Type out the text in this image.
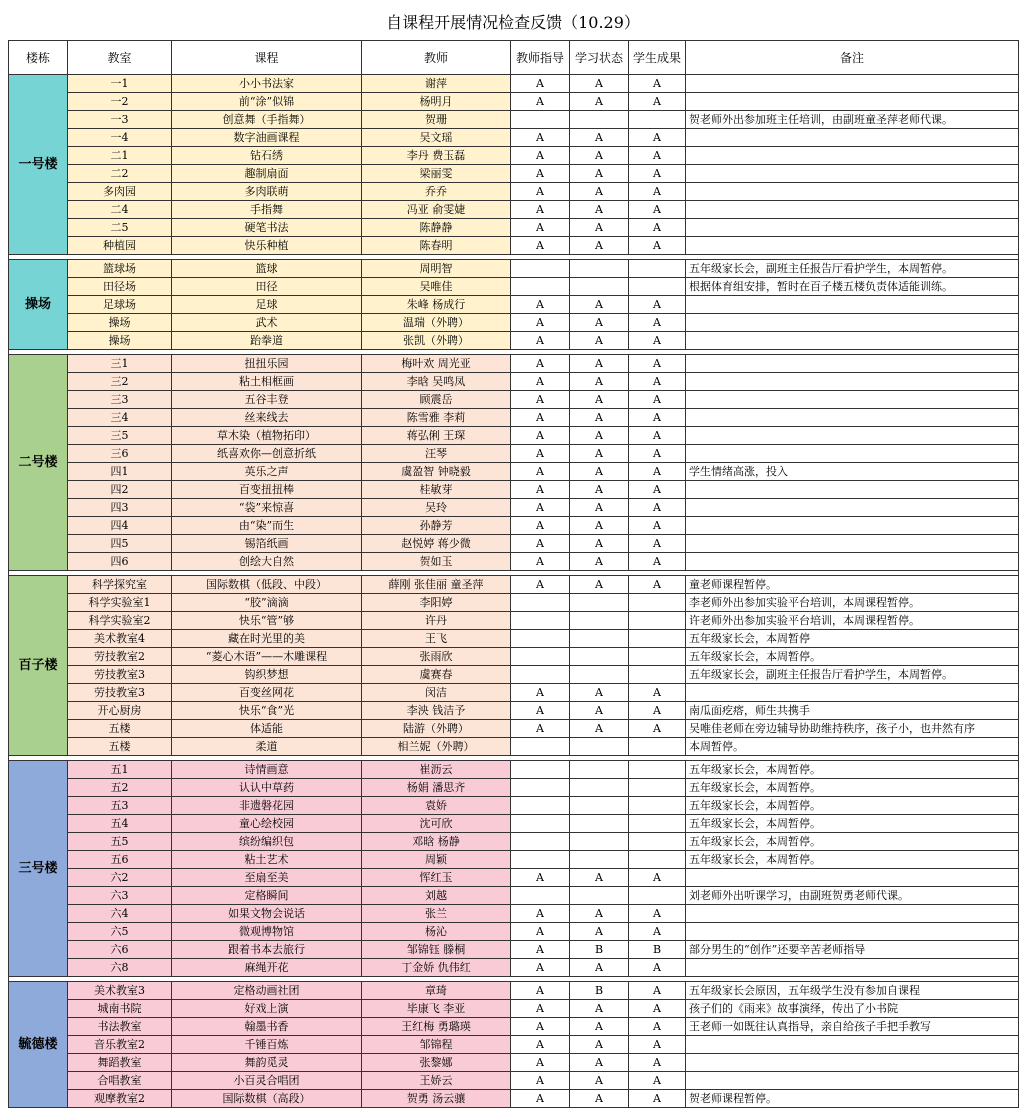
自课程开展情况检查反馈（10.29）
楼栋	教室	课程	教师	教师指导	学习状态	学生成果	备注
一号楼	一1	小小书法家	谢萍	A	A	A	
	一2	前“涂”似锦	杨明月	A	A	A	
	一3	创意舞（手指舞）	贺珊				贺老师外出参加班主任培训，由副班童圣萍老师代课。
	一4	数字油画课程	吴文瑶	A	A	A	
	二1	钻石绣	李丹 费玉磊	A	A	A	
	二2	趣制扇面	梁丽雯	A	A	A	
	多肉园	多肉联萌	乔乔	A	A	A	
	二4	手指舞	冯亚 俞雯婕	A	A	A	
	二5	硬笔书法	陈静静	A	A	A	
	种植园	快乐种植	陈春明	A	A	A	

操场	篮球场	篮球	周明智				五年级家长会，副班主任报告厅看护学生，本周暂停。
	田径场	田径	吴唯佳				根据体育组安排，暂时在百子楼五楼负责体适能训练。
	足球场	足球	朱峰 杨成行	A	A	A	
	操场	武术	温瑞（外聘）	A	A	A	
	操场	跆拳道	张凯（外聘）	A	A	A	

二号楼	三1	扭扭乐园	梅叶欢 周光亚	A	A	A	
	三2	粘土相框画	李晗 吴鸣凤	A	A	A	
	三3	五谷丰登	顾震岳	A	A	A	
	三4	丝来线去	陈雪雅 李莉	A	A	A	
	三5	草木染（植物拓印）	蒋弘俐 王琛	A	A	A	
	三6	纸喜欢你—创意折纸	汪琴	A	A	A	
	四1	英乐之声	虞盈智 钟晓毅	A	A	A	学生情绪高涨，投入
	四2	百变扭扭棒	桂敏芽	A	A	A	
	四3	“袋”来惊喜	吴玲	A	A	A	
	四4	由“染”而生	孙静芳	A	A	A	
	四5	锡箔纸画	赵悦婷 蒋少微	A	A	A	
	四6	创绘大自然	贺如玉	A	A	A	

百子楼	科学探究室	国际数棋（低段、中段）	薛刚 张佳丽 童圣萍	A	A	A	童老师课程暂停。
	科学实验室1	“胶”滴滴	李阳婷				李老师外出参加实验平台培训，本周课程暂停。
	科学实验室2	快乐“管”够	许丹				许老师外出参加实验平台培训，本周课程暂停。
	美术教室4	藏在时光里的美	王飞				五年级家长会，本周暂停
	劳技教室2	“菱心木语”——木雕课程	张雨欣				五年级家长会，本周暂停。
	劳技教室3	钩织梦想	虞赛春				五年级家长会，副班主任报告厅看护学生，本周暂停。
	劳技教室3	百变丝网花	闵洁	A	A	A	
	开心厨房	快乐“食”光	李泱 钱洁予	A	A	A	南瓜面疙瘩，师生共携手
	五楼	体适能	陆游（外聘）	A	A	A	吴唯佳老师在旁边辅导协助维持秩序，孩子小，也井然有序
	五楼	柔道	相兰妮（外聘）				本周暂停。

三号楼	五1	诗情画意	崔沥云				五年级家长会，本周暂停。
	五2	认认中草药	杨娟 潘思齐				五年级家长会，本周暂停。
	五3	非遗磐花园	袁娇				五年级家长会，本周暂停。
	五4	童心绘校园	沈可欣				五年级家长会，本周暂停。
	五5	缤纷编织包	邓晗 杨静				五年级家长会，本周暂停。
	五6	粘土艺术	周颖				五年级家长会，本周暂停。
	六2	至扇至美	恽红玉	A	A	A	
	六3	定格瞬间	刘越				刘老师外出听课学习，由副班贺勇老师代课。
	六4	如果文物会说话	张兰	A	A	A	
	六5	微观博物馆	杨沁	A	A	A	
	六6	跟着书本去旅行	邹锦钰 滕桐	A	B	B	部分男生的“创作”还要辛苦老师指导
	六8	麻绳开花	丁金娇 仇伟红	A	A	A	

毓德楼	美术教室3	定格动画社团	章琦	A	B	A	五年级家长会原因，五年级学生没有参加自课程
	城南书院	好戏上演	毕康飞 李亚	A	A	A	孩子们的《雨来》故事演绎，传出了小书院
	书法教室	翰墨书香	王红梅 勇璐瑛	A	A	A	王老师一如既往认真指导，亲自给孩子手把手教写
	音乐教室2	千锤百炼	邹锦程	A	A	A	
	舞蹈教室	舞韵觅灵	张黎娜	A	A	A	
	合唱教室	小百灵合唱团	王娇云	A	A	A	
	观摩教室2	国际数棋（高段）	贺勇 汤云骧	A	A	A	贺老师课程暂停。
